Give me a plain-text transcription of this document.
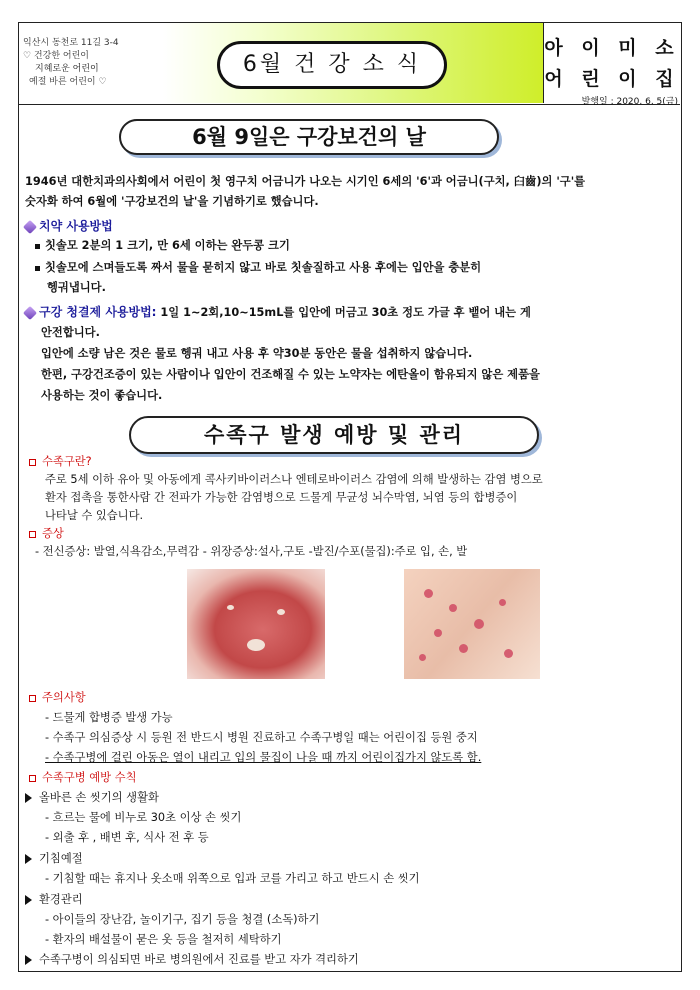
익산시 동천로 11길 3-4
♡ 건강한 어린이
지혜로운 어린이
예절 바른 어린이 ♡
6월 건 강 소 식
아 이 미 소
어 린 이 집
발행일 : 2020. 6. 5(금)
6월 9일은 구강보건의 날
1946년 대한치과의사회에서 어린이 첫 영구치 어금니가 나오는 시기인 6세의 '6'과 어금니(구치, 臼齒)의 '구'를
숫자화 하여 6월에 '구강보건의 날'을 기념하기로 했습니다.
치약 사용방법
칫솔모 2분의 1 크기, 만 6세 이하는 완두콩 크기
칫솔모에 스며들도록 짜서 물을 묻히지 않고 바로 칫솔질하고 사용 후에는 입안을 충분히
헹궈냅니다.
구강 청결제 사용방법: 1일 1~2회,10~15mL를 입안에 머금고 30초 정도 가글 후 뱉어 내는 게
안전합니다.
입안에 소량 남은 것은 물로 헹궈 내고 사용 후 약30분 동안은 물을 섭취하지 않습니다.
한편, 구강건조증이 있는 사람이나 입안이 건조해질 수 있는 노약자는 에탄올이 함유되지 않은 제품을
사용하는 것이 좋습니다.
수족구 발생 예방 및 관리
수족구란?
주로 5세 이하 유아 및 아동에게 콕사키바이러스나 엔테로바이러스 감염에 의해 발생하는 감염 병으로
환자 접촉을 통한사람 간 전파가 가능한 감염병으로 드물게 무균성 뇌수막염, 뇌염 등의 합병증이
나타날 수 있습니다.
증상
- 전신증상: 발열,식욕감소,무력감 - 위장증상:설사,구토 -발진/수포(물집):주로 입, 손, 발
주의사항
- 드물게 합병증 발생 가능
- 수족구 의심증상 시 등원 전 반드시 병원 진료하고 수족구병일 때는 어린이집 등원 중지
- 수족구병에 걸린 아동은 열이 내리고 입의 물집이 나을 때 까지 어린이집가지 않도록 함.
수족구병 예방 수칙
올바른 손 씻기의 생활화
- 흐르는 물에 비누로 30초 이상 손 씻기
- 외출 후 , 배변 후, 식사 전 후 등
기침예절
- 기침할 때는 휴지나 옷소매 위쪽으로 입과 코를 가리고 하고 반드시 손 씻기
환경관리
- 아이들의 장난감, 놀이기구, 집기 등을 청결 (소독)하기
- 환자의 배설물이 묻은 옷 등을 철저히 세탁하기
수족구병이 의심되면 바로 병의원에서 진료를 받고 자가 격리하기
